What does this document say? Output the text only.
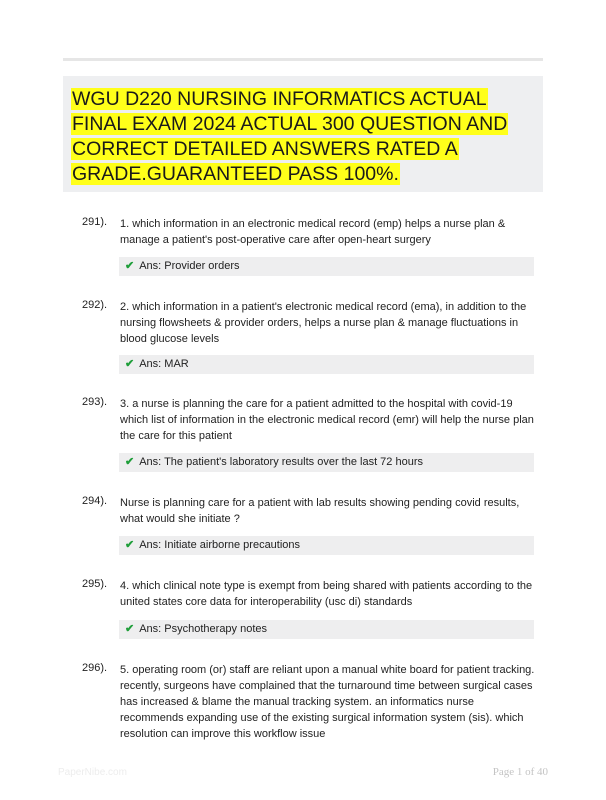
WGU D220 NURSING INFORMATICS ACTUAL FINAL EXAM 2024 ACTUAL 300 QUESTION AND CORRECT DETAILED ANSWERS RATED A GRADE.GUARANTEED PASS 100%.

291). 1. which information in an electronic medical record (emp) helps a nurse plan & manage a patient's post-operative care after open-heart surgery
✔ Ans: Provider orders
292). 2. which information in a patient's electronic medical record (ema), in addition to the nursing flowsheets & provider orders, helps a nurse plan & manage fluctuations in blood glucose levels
✔ Ans: MAR
293). 3. a nurse is planning the care for a patient admitted to the hospital with covid-19 which list of information in the electronic medical record (emr) will help the nurse plan the care for this patient
✔ Ans: The patient's laboratory results over the last 72 hours
294). Nurse is planning care for a patient with lab results showing pending covid results, what would she initiate ?
✔ Ans: Initiate airborne precautions
295). 4. which clinical note type is exempt from being shared with patients according to the united states core data for interoperability (usc di) standards
✔ Ans: Psychotherapy notes
296). 5. operating room (or) staff are reliant upon a manual white board for patient tracking. recently, surgeons have complained that the turnaround time between surgical cases has increased & blame the manual tracking system. an informatics nurse recommends expanding use of the existing surgical information system (sis). which resolution can improve this workflow issue
PaperNibe.com	Page 1 of 40
